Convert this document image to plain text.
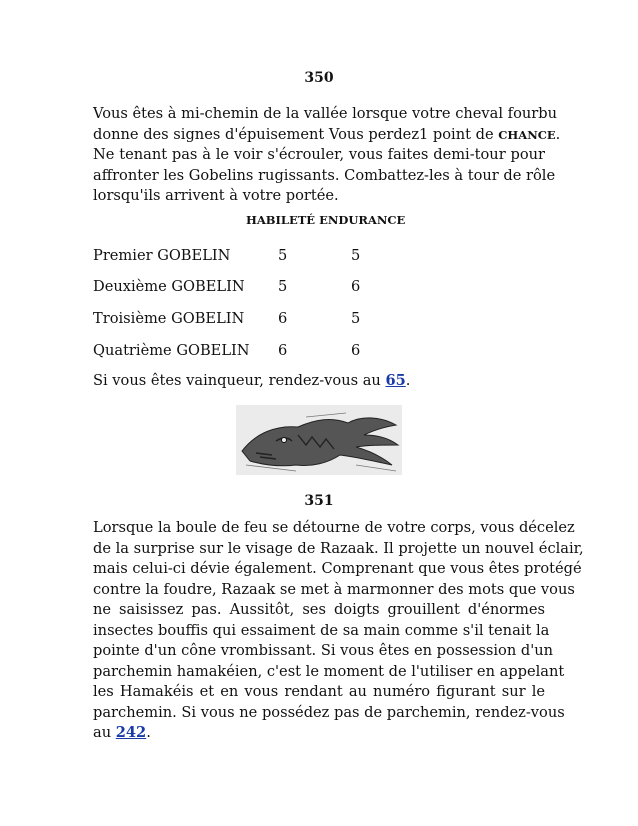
350

Vous êtes à mi-chemin de la vallée lorsque votre cheval fourbu
donne des signes d'épuisement Vous perdez1 point de CHANCE.
Ne tenant pas à le voir s'écrouler, vous faites demi-tour pour
affronter les Gobelins rugissants. Combattez-les à tour de rôle
lorsqu'ils arrivent à votre portée.

HABILETÉ ENDURANCE
Premier GOBELIN	5	5
Deuxième GOBELIN 5	6
Troisième GOBELIN 6	5
Quatrième GOBELIN 6	6
Si vous êtes vainqueur, rendez-vous au 65.
351

Lorsque la boule de feu se détourne de votre corps, vous décelez
de la surprise sur le visage de Razaak. Il projette un nouvel éclair,
mais celui-ci dévie également. Comprenant que vous êtes protégé
contre la foudre, Razaak se met à marmonner des mots que vous
ne saisissez pas. Aussitôt, ses doigts grouillent d'énormes
insectes bouffis qui essaiment de sa main comme s'il tenait la
pointe d'un cône vrombissant. Si vous êtes en possession d'un
parchemin hamakéien, c'est le moment de l'utiliser en appelant
les Hamakéis et en vous rendant au numéro figurant sur le
parchemin. Si vous ne possédez pas de parchemin, rendez-vous
au 242.
